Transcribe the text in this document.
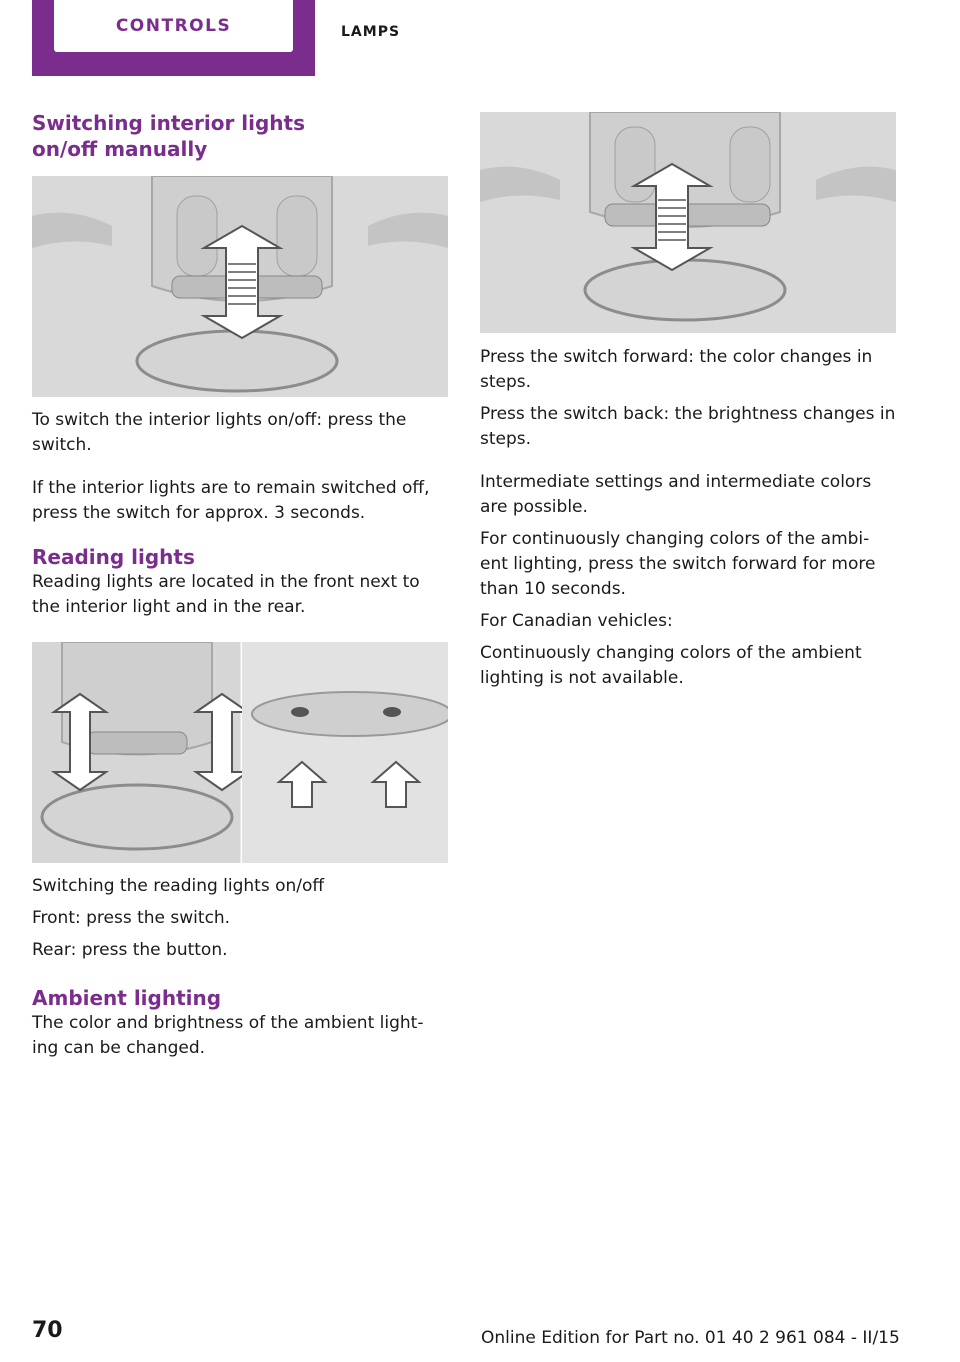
CONTROLS	LAMPS
Switching interior lights on/off manually

To switch the interior lights on/off: press the switch.

If the interior lights are to remain switched off, press the switch for approx. 3 seconds.

Reading lights

Reading lights are located in the front next to the interior light and in the rear.

Switching the reading lights on/off

Front: press the switch.

Rear: press the button.

Ambient lighting

The color and brightness of the ambient light‐ing can be changed.

Press the switch forward: the color changes in steps.

Press the switch back: the brightness changes in steps.

Intermediate settings and intermediate colors are possible.

For continuously changing colors of the ambi‐ent lighting, press the switch forward for more than 10 seconds.

For Canadian vehicles:

Continuously changing colors of the ambient lighting is not available.

70	Online Edition for Part no. 01 40 2 961 084 - II/15
